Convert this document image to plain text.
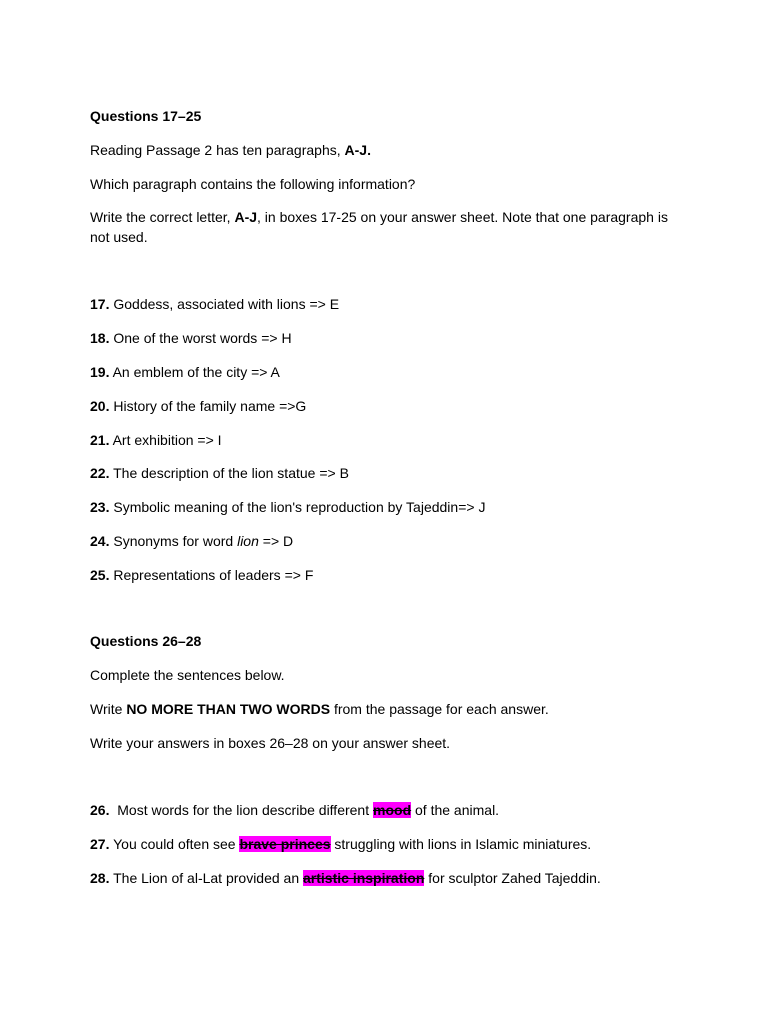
Questions 17–25
Reading Passage 2 has ten paragraphs, A-J.
Which paragraph contains the following information?
Write the correct letter, A-J, in boxes 17-25 on your answer sheet. Note that one paragraph is not used.
17. Goddess, associated with lions => E
18. One of the worst words => H
19. An emblem of the city => A
20. History of the family name =>G
21. Art exhibition => I
22. The description of the lion statue => B
23. Symbolic meaning of the lion's reproduction by Tajeddin=> J
24. Synonyms for word lion => D
25. Representations of leaders => F
Questions 26–28
Complete the sentences below.
Write NO MORE THAN TWO WORDS from the passage for each answer.
Write your answers in boxes 26–28 on your answer sheet.
26.  Most words for the lion describe different mood of the animal.
27. You could often see brave princes struggling with lions in Islamic miniatures.
28. The Lion of al-Lat provided an artistic inspiration for sculptor Zahed Tajeddin.
